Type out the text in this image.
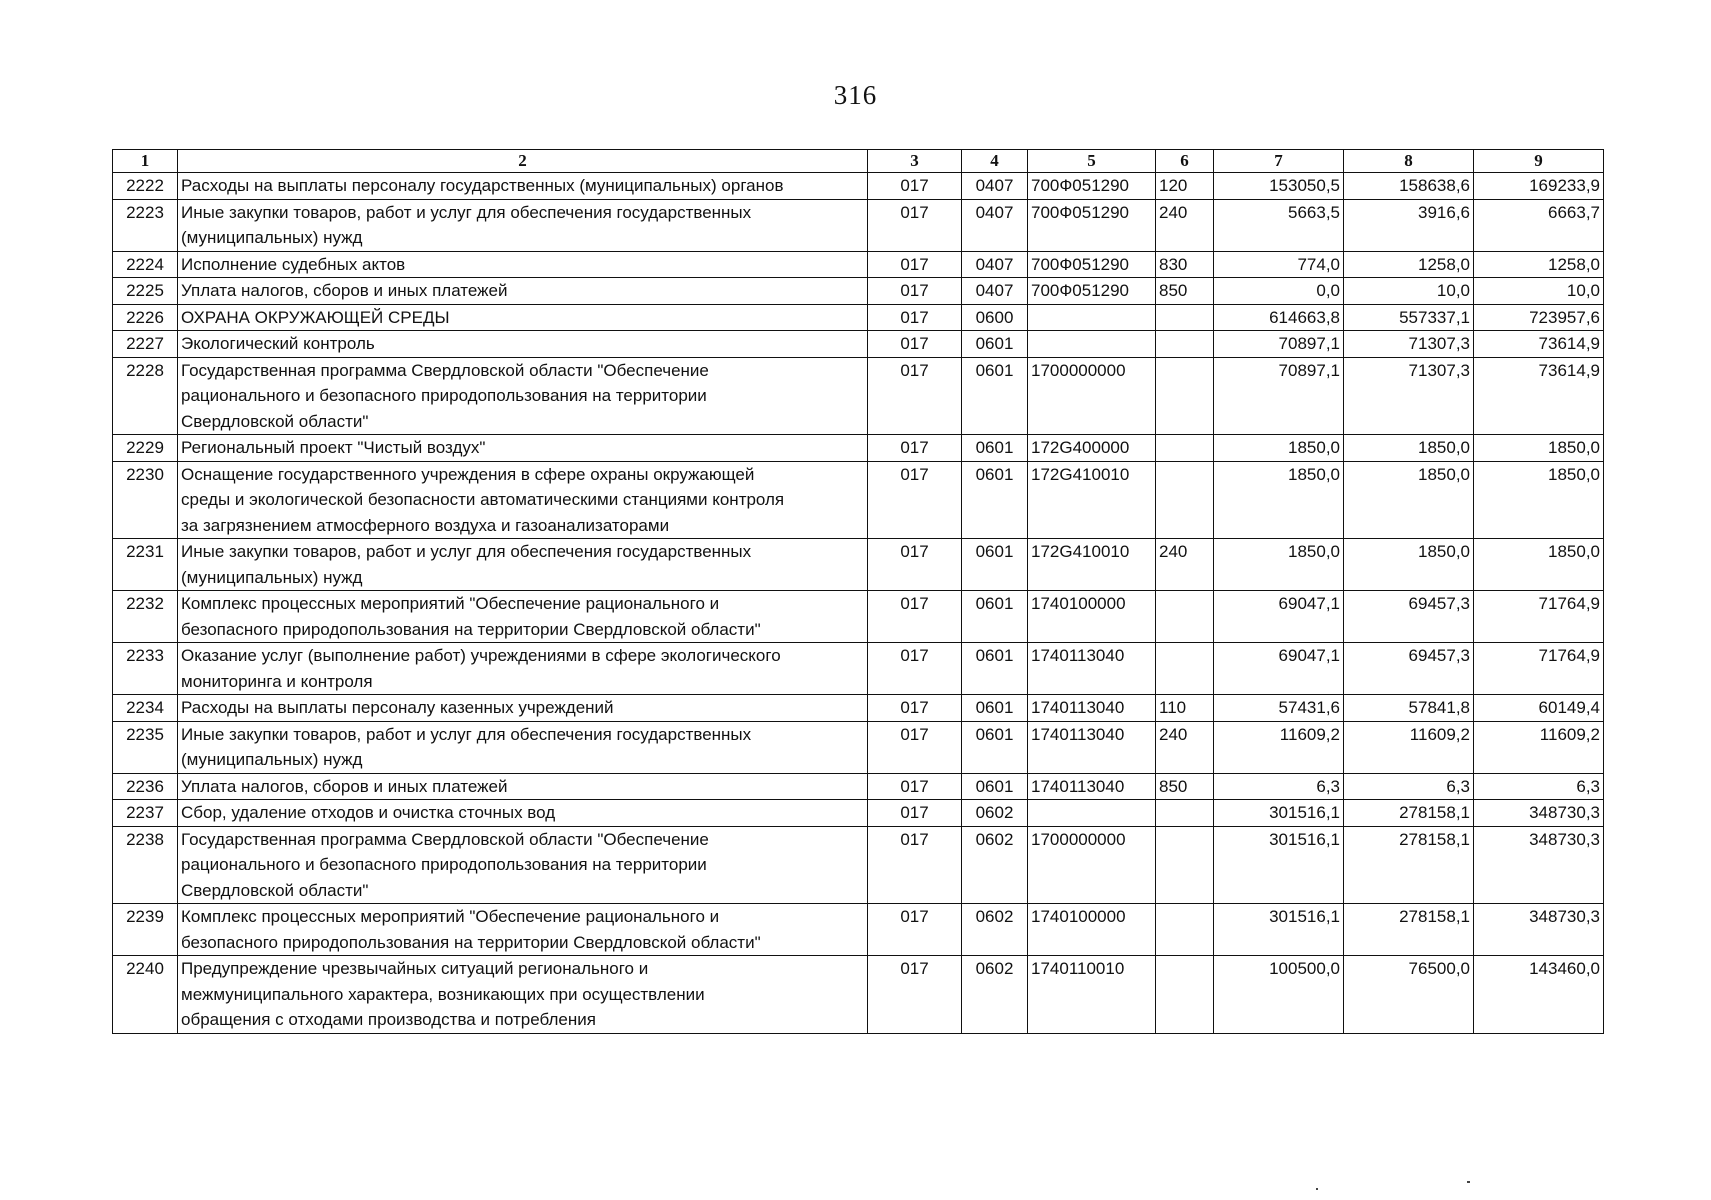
316
1	2	3	4	5	6	7	8	9
2222	Расходы на выплаты персоналу государственных (муниципальных) органов	017	0407	700Ф051290	120	153050,5	158638,6	169233,9
2223	Иные закупки товаров, работ и услуг для обеспечения государственных
(муниципальных) нужд	017	0407	700Ф051290	240	5663,5	3916,6	6663,7
2224	Исполнение судебных актов	017	0407	700Ф051290	830	774,0	1258,0	1258,0
2225	Уплата налогов, сборов и иных платежей	017	0407	700Ф051290	850	0,0	10,0	10,0
2226	ОХРАНА ОКРУЖАЮЩЕЙ СРЕДЫ	017	0600			614663,8	557337,1	723957,6
2227	Экологический контроль	017	0601			70897,1	71307,3	73614,9
2228	Государственная программа Свердловской области "Обеспечение
рационального и безопасного природопользования на территории
Свердловской области"	017	0601	1700000000		70897,1	71307,3	73614,9
2229	Региональный проект "Чистый воздух"	017	0601	172G400000		1850,0	1850,0	1850,0
2230	Оснащение государственного учреждения в сфере охраны окружающей
среды и экологической безопасности автоматическими станциями контроля
за загрязнением атмосферного воздуха и газоанализаторами	017	0601	172G410010		1850,0	1850,0	1850,0
2231	Иные закупки товаров, работ и услуг для обеспечения государственных
(муниципальных) нужд	017	0601	172G410010	240	1850,0	1850,0	1850,0
2232	Комплекс процессных мероприятий "Обеспечение рационального и
безопасного природопользования на территории Свердловской области"	017	0601	1740100000		69047,1	69457,3	71764,9
2233	Оказание услуг (выполнение работ) учреждениями в сфере экологического
мониторинга и контроля	017	0601	1740113040		69047,1	69457,3	71764,9
2234	Расходы на выплаты персоналу казенных учреждений	017	0601	1740113040	110	57431,6	57841,8	60149,4
2235	Иные закупки товаров, работ и услуг для обеспечения государственных
(муниципальных) нужд	017	0601	1740113040	240	11609,2	11609,2	11609,2
2236	Уплата налогов, сборов и иных платежей	017	0601	1740113040	850	6,3	6,3	6,3
2237	Сбор, удаление отходов и очистка сточных вод	017	0602			301516,1	278158,1	348730,3
2238	Государственная программа Свердловской области "Обеспечение
рационального и безопасного природопользования на территории
Свердловской области"	017	0602	1700000000		301516,1	278158,1	348730,3
2239	Комплекс процессных мероприятий "Обеспечение рационального и
безопасного природопользования на территории Свердловской области"	017	0602	1740100000		301516,1	278158,1	348730,3
2240	Предупреждение чрезвычайных ситуаций регионального и
межмуниципального характера, возникающих при осуществлении
обращения с отходами производства и потребления	017	0602	1740110010		100500,0	76500,0	143460,0
